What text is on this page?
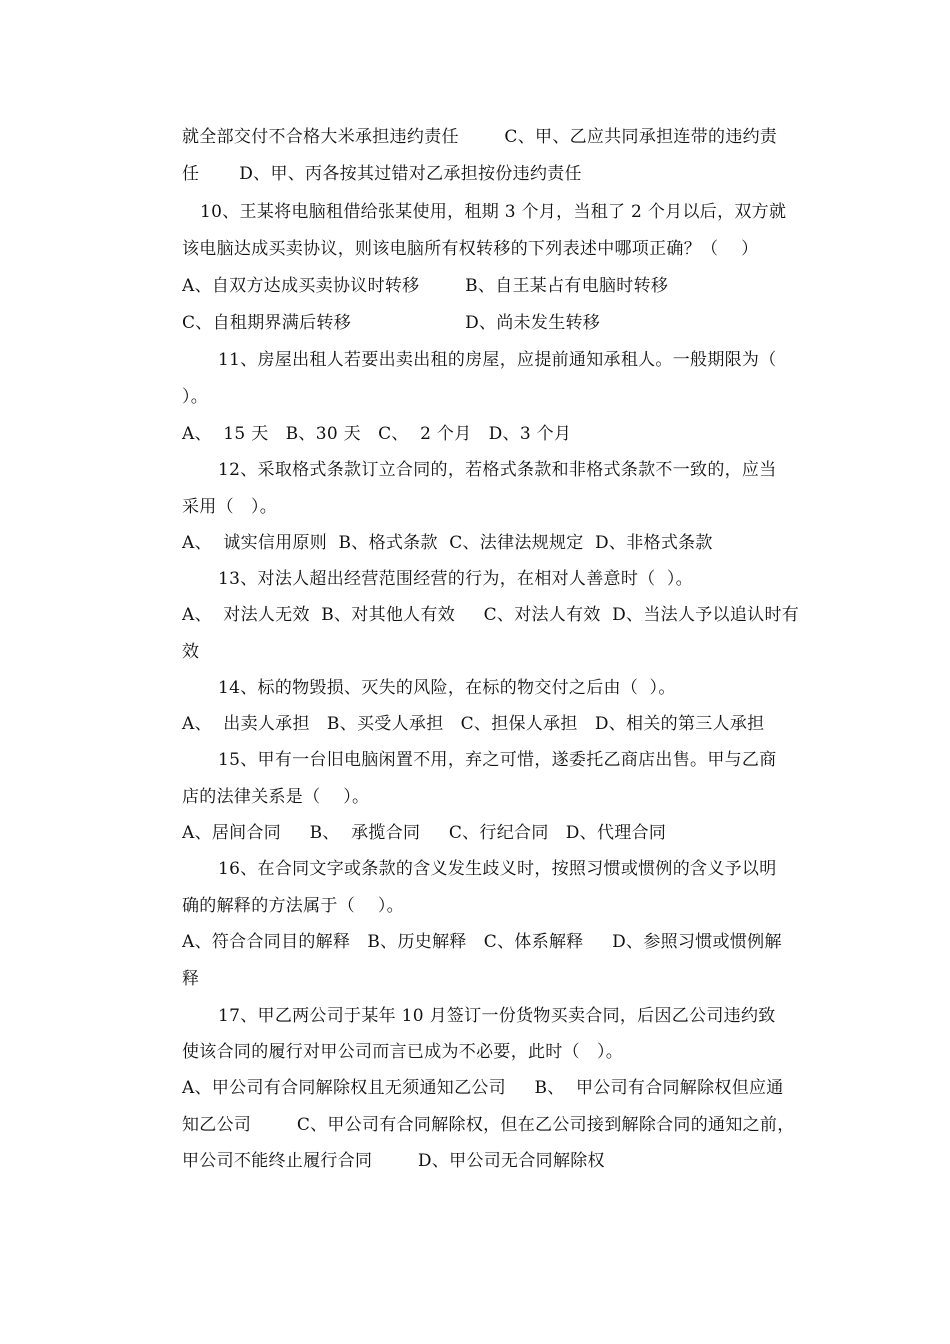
就全部交付不合格大米承担违约责任        C、甲、乙应共同承担连带的违约责
任       D、甲、丙各按其过错对乙承担按份违约责任
10、王某将电脑租借给张某使用，租期 3 个月，当租了 2 个月以后，双方就
该电脑达成买卖协议，则该电脑所有权转移的下列表述中哪项正确？（    ）
A、自双方达成买卖协议时转移        B、自王某占有电脑时转移
C、自租期界满后转移                    D、尚未发生转移
11、房屋出租人若要出卖出租的房屋，应提前通知承租人。一般期限为（
）。
A、  15 天   B、30 天   C、  2 个月   D、3 个月
12、采取格式条款订立合同的，若格式条款和非格式条款不一致的，应当
采用（   ）。
A、  诚实信用原则  B、格式条款  C、法律法规规定  D、非格式条款
13、对法人超出经营范围经营的行为，在相对人善意时（  ）。
A、  对法人无效  B、对其他人有效     C、对法人有效  D、当法人予以追认时有
效
14、标的物毁损、灭失的风险，在标的物交付之后由（  ）。
A、  出卖人承担   B、买受人承担   C、担保人承担   D、相关的第三人承担
15、甲有一台旧电脑闲置不用，弃之可惜，遂委托乙商店出售。甲与乙商
店的法律关系是（    ）。
A、居间合同     B、  承揽合同     C、行纪合同   D、代理合同
16、在合同文字或条款的含义发生歧义时，按照习惯或惯例的含义予以明
确的解释的方法属于（    ）。
A、符合合同目的解释   B、历史解释   C、体系解释     D、参照习惯或惯例解
释
17、甲乙两公司于某年 10 月签订一份货物买卖合同，后因乙公司违约致
使该合同的履行对甲公司而言已成为不必要，此时（   ）。
A、甲公司有合同解除权且无须通知乙公司     B、  甲公司有合同解除权但应通
知乙公司        C、甲公司有合同解除权，但在乙公司接到解除合同的通知之前，
甲公司不能终止履行合同        D、甲公司无合同解除权
